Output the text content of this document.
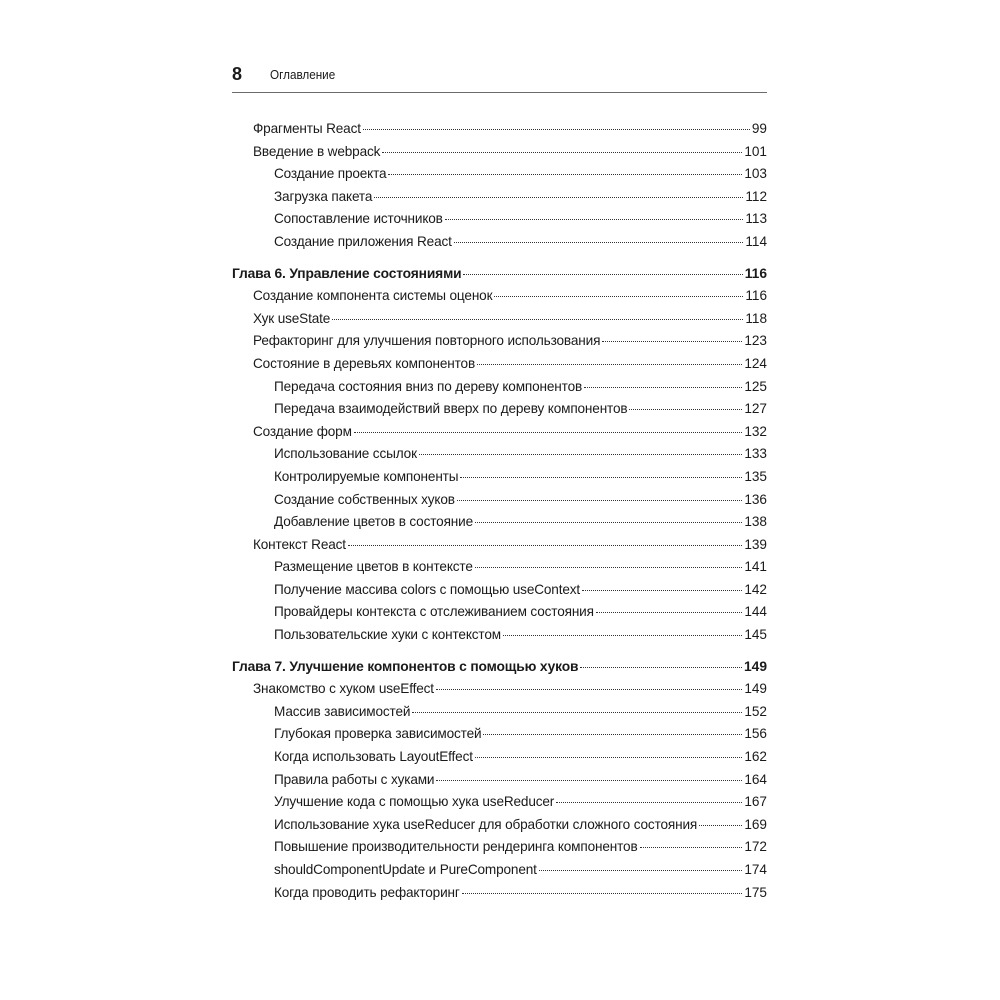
8 Оглавление
Фрагменты React	99
Введение в webpack	101
Создание проекта	103
Загрузка пакета	112
Сопоставление источников	113
Создание приложения React	114
Глава 6. Управление состояниями	116
Создание компонента системы оценок	116
Хук useState	118
Рефакторинг для улучшения повторного использования	123
Состояние в деревьях компонентов	124
Передача состояния вниз по дереву компонентов	125
Передача взаимодействий вверх по дереву компонентов	127
Создание форм	132
Использование ссылок	133
Контролируемые компоненты	135
Создание собственных хуков	136
Добавление цветов в состояние	138
Контекст React	139
Размещение цветов в контексте	141
Получение массива colors с помощью useContext	142
Провайдеры контекста с отслеживанием состояния	144
Пользовательские хуки с контекстом	145
Глава 7. Улучшение компонентов с помощью хуков	149
Знакомство с хуком useEffect	149
Массив зависимостей	152
Глубокая проверка зависимостей	156
Когда использовать LayoutEffect	162
Правила работы с хуками	164
Улучшение кода с помощью хука useReducer	167
Использование хука useReducer для обработки сложного состояния	169
Повышение производительности рендеринга компонентов	172
shouldComponentUpdate и PureComponent	174
Когда проводить рефакторинг	175
